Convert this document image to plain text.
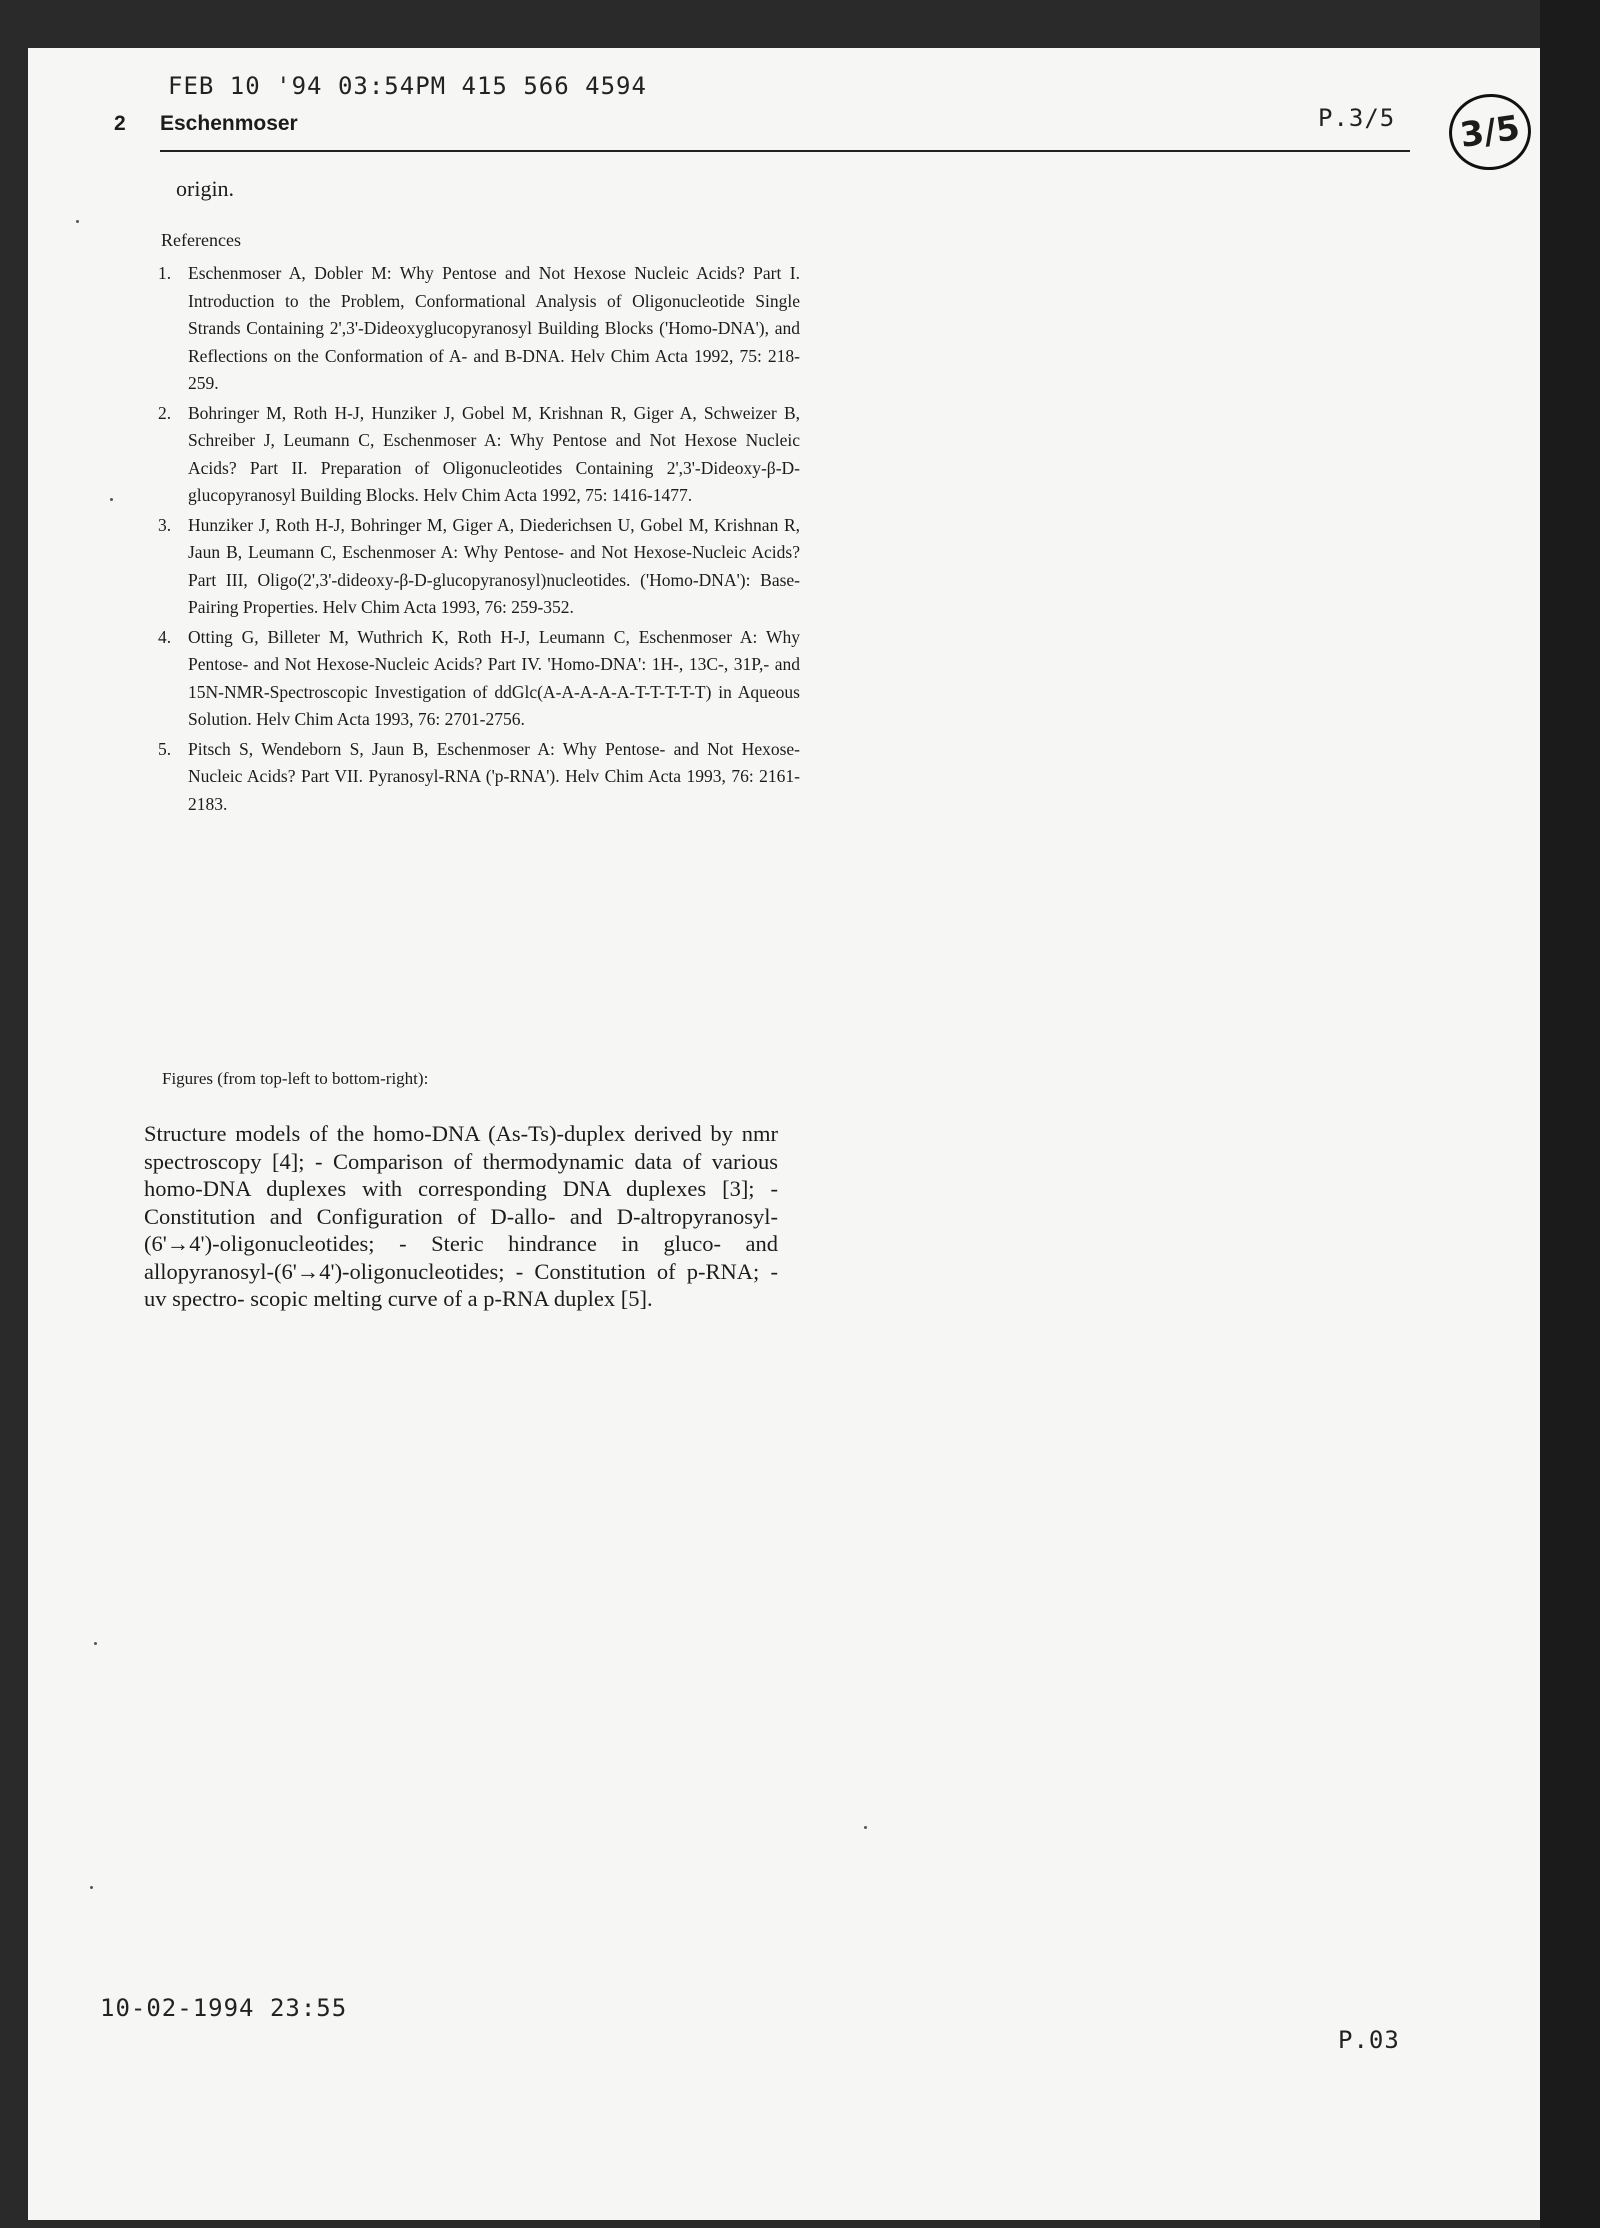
FEB 10 '94 03:54PM 415 566 4594
P.3/5	3/5
2 Eschenmoser
origin.
References
1. Eschenmoser A, Dobler M: Why Pentose and Not Hexose Nucleic Acids? Part I. Introduction to the Problem, Conformational Analysis of Oligonucleotide Single Strands Containing 2',3'-Dideoxyglucopyranosyl Building Blocks ('Homo-DNA'), and Reflections on the Conformation of A- and B-DNA. Helv Chim Acta 1992, 75: 218-259.
2. Bohringer M, Roth H-J, Hunziker J, Gobel M, Krishnan R, Giger A, Schweizer B, Schreiber J, Leumann C, Eschenmoser A: Why Pentose and Not Hexose Nucleic Acids? Part II. Preparation of Oligonucleotides Containing 2',3'-Dideoxy-β-D-glucopyranosyl Building Blocks. Helv Chim Acta 1992, 75: 1416-1477.
3. Hunziker J, Roth H-J, Bohringer M, Giger A, Diederichsen U, Gobel M, Krishnan R, Jaun B, Leumann C, Eschenmoser A: Why Pentose- and Not Hexose-Nucleic Acids? Part III, Oligo(2',3'-dideoxy-β-D-glucopyranosyl)nucleotides. ('Homo-DNA'): Base-Pairing Properties. Helv Chim Acta 1993, 76: 259-352.
4. Otting G, Billeter M, Wuthrich K, Roth H-J, Leumann C, Eschenmoser A: Why Pentose- and Not Hexose-Nucleic Acids? Part IV. 'Homo-DNA': 1H-, 13C-, 31P,- and 15N-NMR-Spectroscopic Investigation of ddGlc(A-A-A-A-A-T-T-T-T-T) in Aqueous Solution. Helv Chim Acta 1993, 76: 2701-2756.
5. Pitsch S, Wendeborn S, Jaun B, Eschenmoser A: Why Pentose- and Not Hexose-Nucleic Acids? Part VII. Pyranosyl-RNA ('p-RNA'). Helv Chim Acta 1993, 76: 2161-2183.
Figures (from top-left to bottom-right):
Structure models of the homo-DNA (As-Ts)-duplex derived by nmr spectroscopy [4]; - Comparison of thermodynamic data of various homo-DNA duplexes with corresponding DNA duplexes [3]; - Constitution and Configuration of D-allo- and D-altropyranosyl-(6'→4')-oligonucleotides; - Steric hindrance in gluco- and allopyranosyl-(6'→4')-oligonucleotides; - Constitution of p-RNA; - uv spectro- scopic melting curve of a p-RNA duplex [5].
10-02-1994 23:55
P.03
